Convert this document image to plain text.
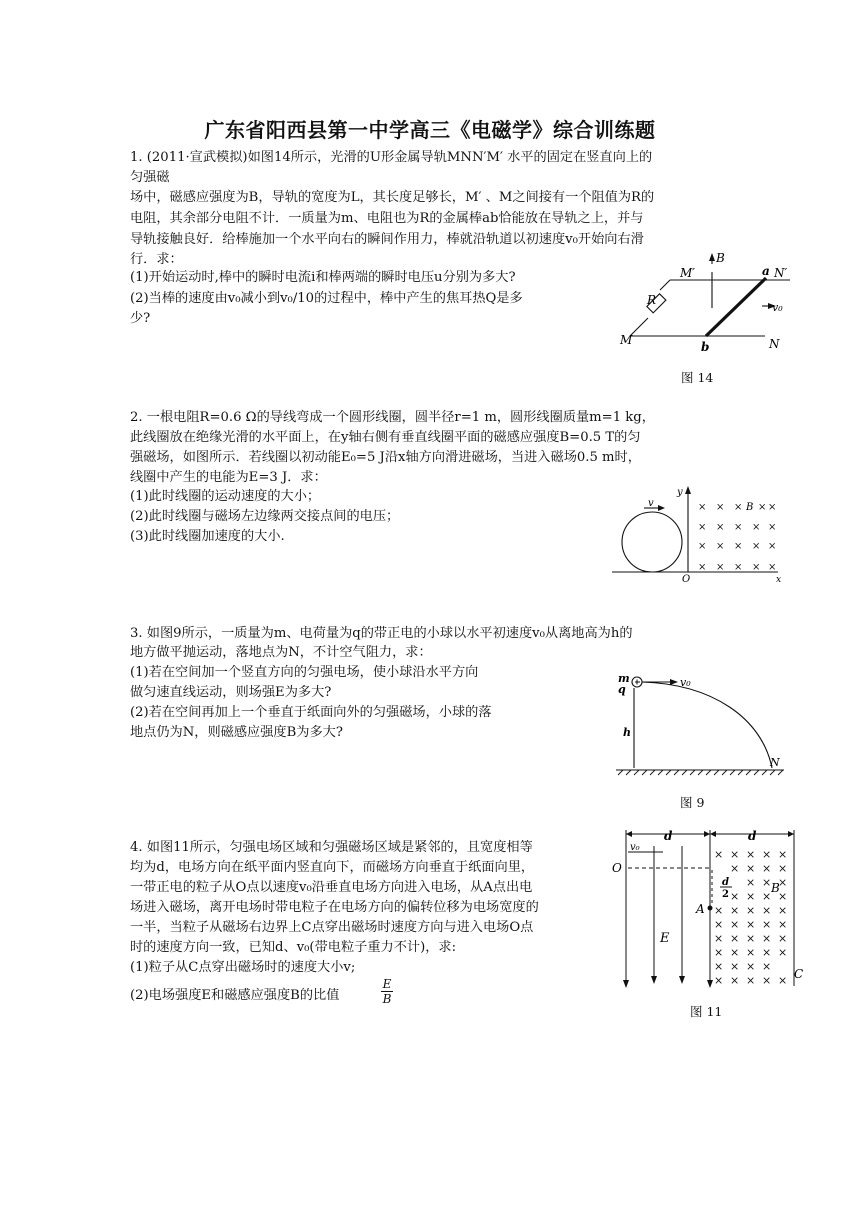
广东省阳西县第一中学高三《电磁学》综合训练题
1. (2011·宣武模拟)如图14所示，光滑的U形金属导轨MNN′M′ 水平的固定在竖直向上的
匀强磁
场中，磁感应强度为B，导轨的宽度为L，其长度足够长，M′ 、M之间接有一个阻值为R的
电阻，其余部分电阻不计．一质量为m、电阻也为R的金属棒ab恰能放在导轨之上，并与
导轨接触良好．给棒施加一个水平向右的瞬间作用力，棒就沿轨道以初速度v₀开始向右滑
行．求：
(1)开始运动时,棒中的瞬时电流i和棒两端的瞬时电压u分别为多大?
(2)当棒的速度由v₀减小到v₀/10的过程中，棒中产生的焦耳热Q是多
少?
B
M′	a N′
R
v₀
M	b	N
图 14
2. 一根电阻R=0.6 Ω的导线弯成一个圆形线圈，圆半径r=1 m，圆形线圈质量m=1 kg，
此线圈放在绝缘光滑的水平面上，在y轴右侧有垂直线圈平面的磁感应强度B=0.5 T的匀
强磁场，如图所示．若线圈以初动能E₀=5 J沿x轴方向滑进磁场，当进入磁场0.5 m时，
线圈中产生的电能为E=3 J．求：
(1)此时线圈的运动速度的大小；
(2)此时线圈与磁场左边缘两交接点间的电压；
(3)此时线圈加速度的大小.
× × × × ×
× × × × ×
× × × × ×
× × × × ×
v
y
B
O	x
3. 如图9所示，一质量为m、电荷量为q的带正电的小球以水平初速度v₀从离地高为h的
地方做平抛运动，落地点为N，不计空气阻力，求：
(1)若在空间加一个竖直方向的匀强电场，使小球沿水平方向
做匀速直线运动，则场强E为多大?
(2)若在空间再加上一个垂直于纸面向外的匀强磁场，小球的落
地点仍为N，则磁感应强度B为多大?
m
q
v₀
h
N
图 9
4. 如图11所示，匀强电场区域和匀强磁场区域是紧邻的，且宽度相等
均为d，电场方向在纸平面内竖直向下，而磁场方向垂直于纸面向里，
一带正电的粒子从O点以速度v₀沿垂直电场方向进入电场，从A点出电
场进入磁场，离开电场时带电粒子在电场方向的偏转位移为电场宽度的
一半，当粒子从磁场右边界上C点穿出磁场时速度方向与进入电场O点
时的速度方向一致，已知d、v₀(带电粒子重力不计)，求:
(1)粒子从C点穿出磁场时的速度大小v;
(2)电场强度E和磁感应强度B的比值	$\frac{E}{B}$
× × × × ×
× × × ×
× × ×
× × × ×
× × × × ×
× × × × ×
× × × × ×
× × × × ×
× × × ×
× × × × ×
d	d
v₀
O
d
2
A
E
B
C
图 11
